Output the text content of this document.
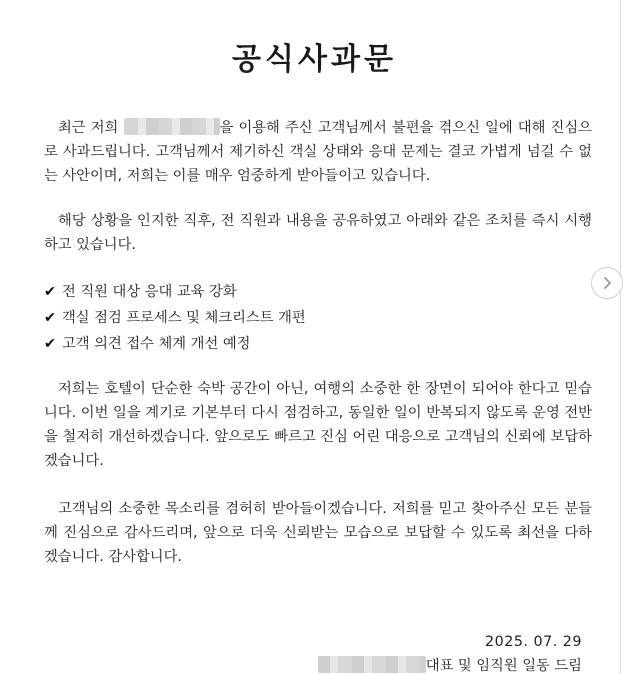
공식사과문

최근 저희	을 이용해 주신 고객님께서 불편을 겪으신 일에 대해 진심으로 사과드립니다. 고객님께서 제기하신 객실 상태와 응대 문제는 결코 가볍게 넘길 수 없는 사안이며, 저희는 이를 매우 엄중하게 받아들이고 있습니다.

해당 상황을 인지한 직후, 전 직원과 내용을 공유하였고 아래와 같은 조치를 즉시 시행하고 있습니다.

✔ 전 직원 대상 응대 교육 강화
✔ 객실 점검 프로세스 및 체크리스트 개편
✔ 고객 의견 접수 체계 개선 예정

저희는 호텔이 단순한 숙박 공간이 아닌, 여행의 소중한 한 장면이 되어야 한다고 믿습니다. 이번 일을 계기로 기본부터 다시 점검하고, 동일한 일이 반복되지 않도록 운영 전반을 철저히 개선하겠습니다. 앞으로도 빠르고 진심 어린 대응으로 고객님의 신뢰에 보답하겠습니다.

고객님의 소중한 목소리를 겸허히 받아들이겠습니다. 저희를 믿고 찾아주신 모든 분들께 진심으로 감사드리며, 앞으로 더욱 신뢰받는 모습으로 보답할 수 있도록 최선을 다하겠습니다. 감사합니다.

2025. 07. 29
대표 및 임직원 일동 드림
